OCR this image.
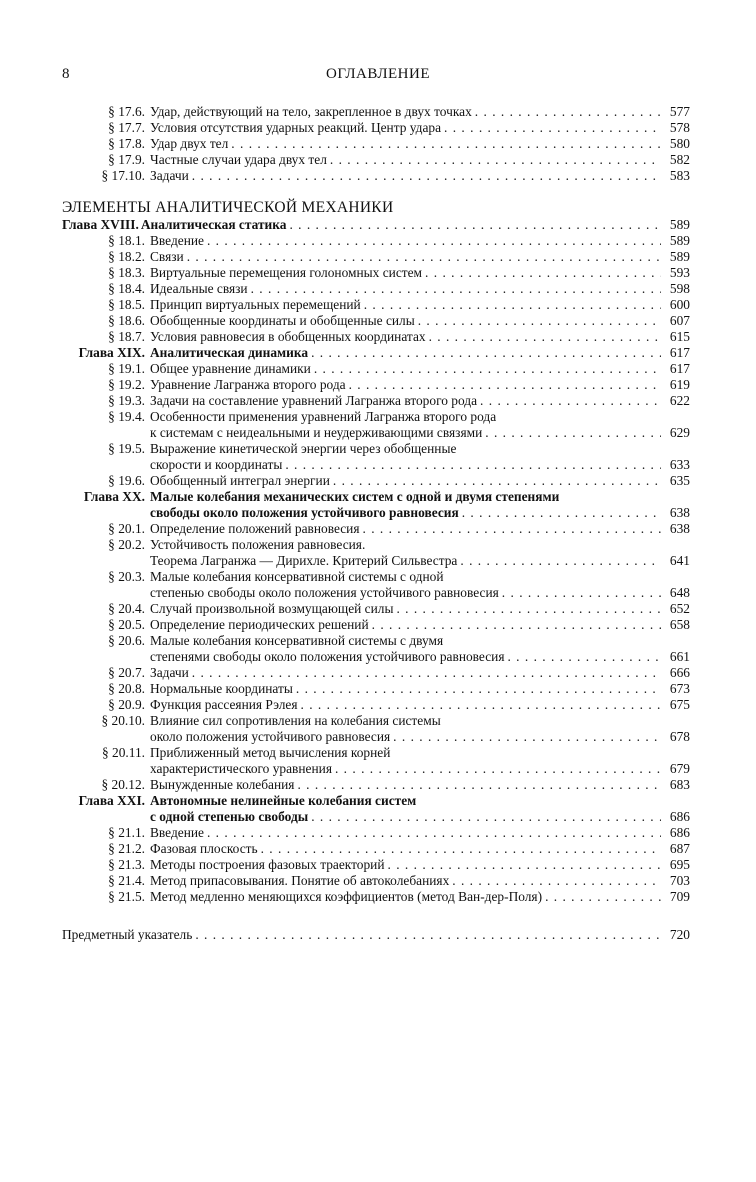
8	ОГЛАВЛЕНИЕ
§ 17.6. Удар, действующий на тело, закрепленное в двух точках . . .	577
§ 17.7. Условия отсутствия ударных реакций. Центр удара . . .	578
§ 17.8. Удар двух тел . . .	580
§ 17.9. Частные случаи удара двух тел . . .	582
§ 17.10. Задачи . . .	583
ЭЛЕМЕНТЫ АНАЛИТИЧЕСКОЙ МЕХАНИКИ
Глава XVIII. Аналитическая статика . . .	589
§ 18.1. Введение . . .	589
§ 18.2. Связи . . .	589
§ 18.3. Виртуальные перемещения голономных систем . . .	593
§ 18.4. Идеальные связи . . .	598
§ 18.5. Принцип виртуальных перемещений . . .	600
§ 18.6. Обобщенные координаты и обобщенные силы . . .	607
§ 18.7. Условия равновесия в обобщенных координатах . . .	615
Глава XIX. Аналитическая динамика . . .	617
§ 19.1. Общее уравнение динамики . . .	617
§ 19.2. Уравнение Лагранжа второго рода . . .	619
§ 19.3. Задачи на составление уравнений Лагранжа второго рода . . .	622
§ 19.4. Особенности применения уравнений Лагранжа второго рода
к системам с неидеальными и неудерживающими связями . . .	629
§ 19.5. Выражение кинетической энергии через обобщенные
скорости и координаты . . .	633
§ 19.6. Обобщенный интеграл энергии . . .	635
Глава XX. Малые колебания механических систем с одной и двумя степенями
свободы около положения устойчивого равновесия . . .	638
§ 20.1. Определение положений равновесия . . .	638
§ 20.2. Устойчивость положения равновесия.
Теорема Лагранжа — Дирихле. Критерий Сильвестра . . .	641
§ 20.3. Малые колебания консервативной системы с одной
степенью свободы около положения устойчивого равновесия . . .	648
§ 20.4. Случай произвольной возмущающей силы . . .	652
§ 20.5. Определение периодических решений . . .	658
§ 20.6. Малые колебания консервативной системы с двумя
степенями свободы около положения устойчивого равновесия . . .	661
§ 20.7. Задачи . . .	666
§ 20.8. Нормальные координаты . . .	673
§ 20.9. Функция рассеяния Рэлея . . .	675
§ 20.10. Влияние сил сопротивления на колебания системы
около положения устойчивого равновесия . . .	678
§ 20.11. Приближенный метод вычисления корней
характеристического уравнения . . .	679
§ 20.12. Вынужденные колебания . . .	683
Глава XXI. Автономные нелинейные колебания систем
с одной степенью свободы . . .	686
§ 21.1. Введение . . .	686
§ 21.2. Фазовая плоскость . . .	687
§ 21.3. Методы построения фазовых траекторий . . .	695
§ 21.4. Метод припасовывания. Понятие об автоколебаниях . . .	703
§ 21.5. Метод медленно меняющихся коэффициентов (метод Ван-дер-Поля) . . .	709
Предметный указатель . . .	720
